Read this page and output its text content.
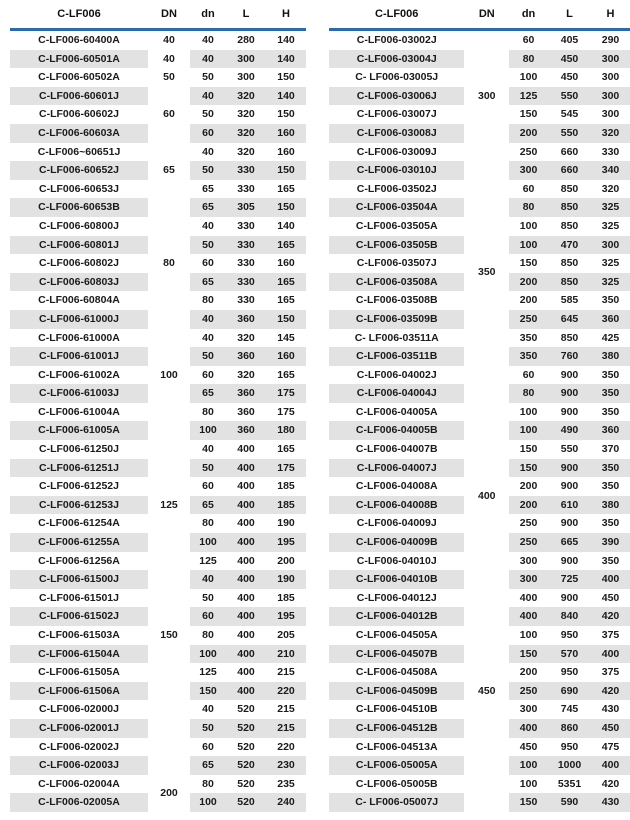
C-LF006	DN	dn	L	H
C-LF006-60400A	40	40	280	140
C-LF006-60501A	40	40	300	140
C-LF006-60502A	50	50	300	150
C-LF006-60601J		40	320	140
C-LF006-60602J	60	50	320	150
C-LF006-60603A		60	320	160
C-LF006~60651J		40	320	160
C-LF006-60652J	65	50	330	150
C-LF006-60653J		65	330	165
C-LF006-60653B		65	305	150
C-LF006-60800J		40	330	140
C-LF006-60801J		50	330	165
C-LF006-60802J	80	60	330	160
C-LF006-60803J		65	330	165
C-LF006-60804A		80	330	165
C-LF006-61000J		40	360	150
C-LF006-61000A		40	320	145
C-LF006-61001J		50	360	160
C-LF006-61002A	100	60	320	165
C-LF006-61003J		65	360	175
C-LF006-61004A		80	360	175
C-LF006-61005A		100	360	180
C-LF006-61250J		40	400	165
C-LF006-61251J		50	400	175
C-LF006-61252J		60	400	185
C-LF006-61253J	125	65	400	185
C-LF006-61254A		80	400	190
C-LF006-61255A		100	400	195
C-LF006-61256A		125	400	200
C-LF006-61500J		40	400	190
C-LF006-61501J		50	400	185
C-LF006-61502J		60	400	195
C-LF006-61503A	150	80	400	205
C-LF006-61504A		100	400	210
C-LF006-61505A		125	400	215
C-LF006-61506A		150	400	220
C-LF006-02000J		40	520	215
C-LF006-02001J		50	520	215
C-LF006-02002J		60	520	220
C-LF006-02003J		65	520	230
C-LF006-02004A	200	80	520	235
C-LF006-02005A		100	520	240
C-LF006	DN	dn	L	H
C-LF006-03002J		60	405	290
C-LF006-03004J		80	450	300
C- LF006-03005J		100	450	300
C-LF006-03006J	300	125	550	300
C-LF006-03007J		150	545	300
C-LF006-03008J		200	550	320
C-LF006-03009J		250	660	330
C-LF006-03010J		300	660	340
C-LF006-03502J		60	850	320
C-LF006-03504A		80	850	325
C-LF006-03505A		100	850	325
C-LF006-03505B		100	470	300
C-LF006-03507J	350	150	850	325
C-LF006-03508A		200	850	325
C-LF006-03508B		200	585	350
C-LF006-03509B		250	645	360
C- LF006-03511A		350	850	425
C-LF006-03511B		350	760	380
C-LF006-04002J		60	900	350
C-LF006-04004J		80	900	350
C-LF006-04005A		100	900	350
C-LF006-04005B		100	490	360
C-LF006-04007B		150	550	370
C-LF006-04007J		150	900	350
C-LF006-04008A	400	200	900	350
C-LF006-04008B		200	610	380
C-LF006-04009J		250	900	350
C-LF006-04009B		250	665	390
C-LF006-04010J		300	900	350
C-LF006-04010B		300	725	400
C-LF006-04012J		400	900	450
C-LF006-04012B		400	840	420
C-LF006-04505A		100	950	375
C-LF006-04507B		150	570	400
C-LF006-04508A		200	950	375
C-LF006-04509B	450	250	690	420
C-LF006-04510B		300	745	430
C-LF006-04512B		400	860	450
C-LF006-04513A		450	950	475
C-LF006-05005A		100	1000	400
C-LF006-05005B		100	5351	420
C- LF006-05007J		150	590	430
